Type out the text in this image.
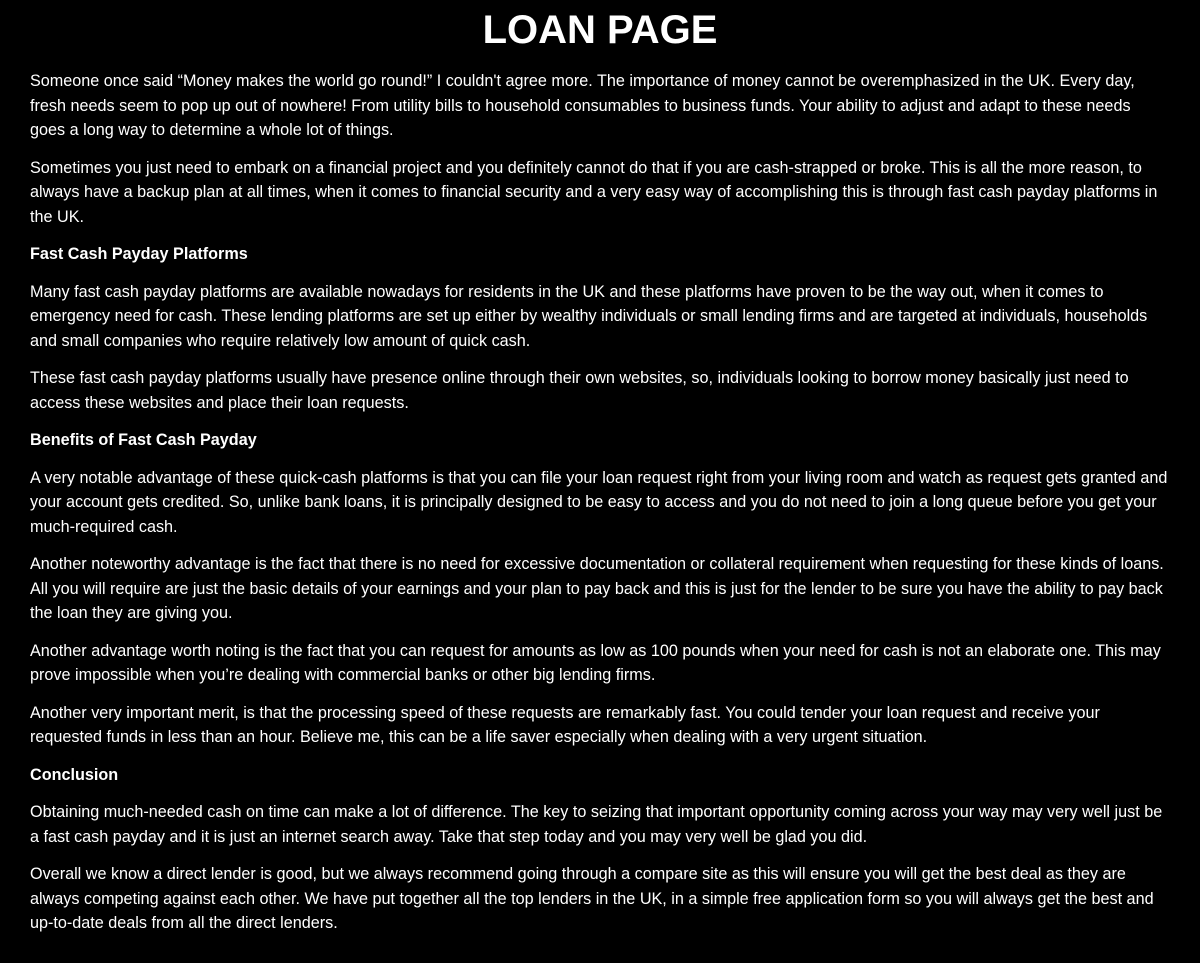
LOAN PAGE

Someone once said “Money makes the world go round!” I couldn't agree more. The importance of money cannot be overemphasized in the UK. Every day, fresh needs seem to pop up out of nowhere! From utility bills to household consumables to business funds. Your ability to adjust and adapt to these needs goes a long way to determine a whole lot of things.

Sometimes you just need to embark on a financial project and you definitely cannot do that if you are cash-strapped or broke. This is all the more reason, to always have a backup plan at all times, when it comes to financial security and a very easy way of accomplishing this is through fast cash payday platforms in the UK.

Fast Cash Payday Platforms

Many fast cash payday platforms are available nowadays for residents in the UK and these platforms have proven to be the way out, when it comes to emergency need for cash. These lending platforms are set up either by wealthy individuals or small lending firms and are targeted at individuals, households and small companies who require relatively low amount of quick cash.

These fast cash payday platforms usually have presence online through their own websites, so, individuals looking to borrow money basically just need to access these websites and place their loan requests.

Benefits of Fast Cash Payday

A very notable advantage of these quick-cash platforms is that you can file your loan request right from your living room and watch as request gets granted and your account gets credited. So, unlike bank loans, it is principally designed to be easy to access and you do not need to join a long queue before you get your much-required cash.

Another noteworthy advantage is the fact that there is no need for excessive documentation or collateral requirement when requesting for these kinds of loans. All you will require are just the basic details of your earnings and your plan to pay back and this is just for the lender to be sure you have the ability to pay back the loan they are giving you.

Another advantage worth noting is the fact that you can request for amounts as low as 100 pounds when your need for cash is not an elaborate one. This may prove impossible when you’re dealing with commercial banks or other big lending firms.

Another very important merit, is that the processing speed of these requests are remarkably fast. You could tender your loan request and receive your requested funds in less than an hour. Believe me, this can be a life saver especially when dealing with a very urgent situation.

Conclusion

Obtaining much-needed cash on time can make a lot of difference. The key to seizing that important opportunity coming across your way may very well just be a fast cash payday and it is just an internet search away. Take that step today and you may very well be glad you did.

Overall we know a direct lender is good, but we always recommend going through a compare site as this will ensure you will get the best deal as they are always competing against each other. We have put together all the top lenders in the UK, in a simple free application form so you will always get the best and up-to-date deals from all the direct lenders.
